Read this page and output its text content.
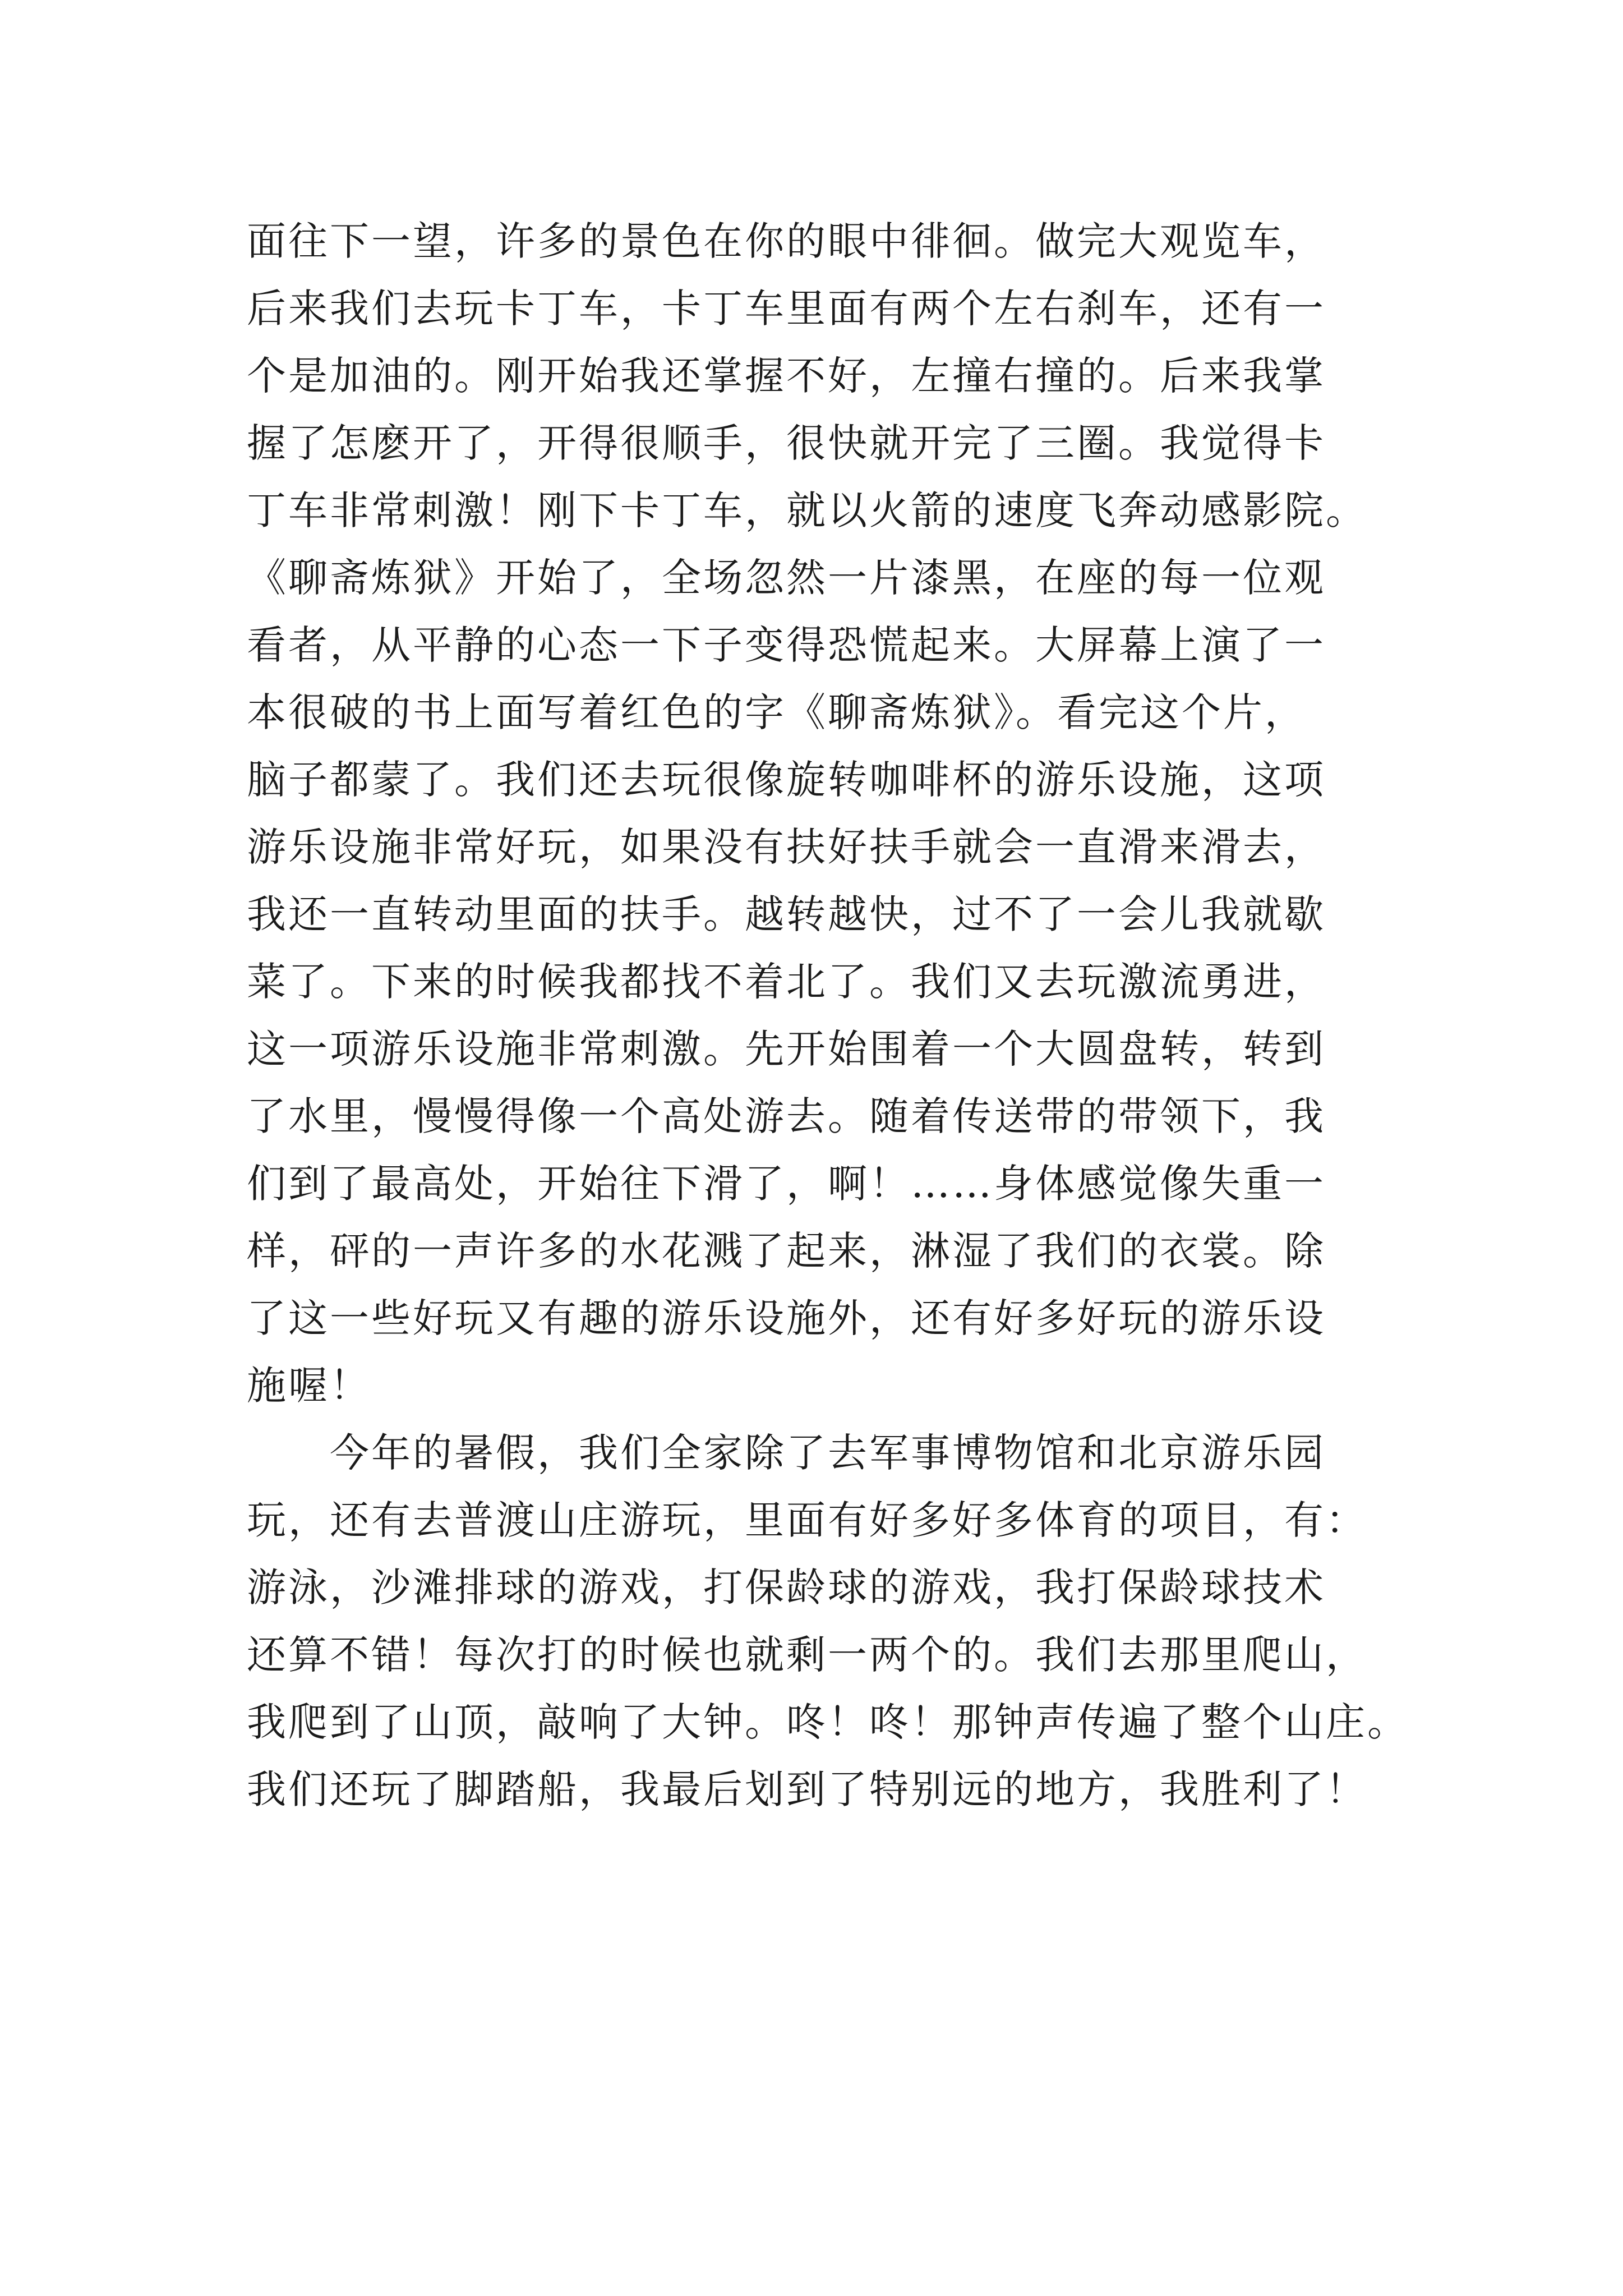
面往下一望，许多的景色在你的眼中徘徊。做完大观览车，
后来我们去玩卡丁车，卡丁车里面有两个左右刹车，还有一
个是加油的。刚开始我还掌握不好，左撞右撞的。后来我掌
握了怎麽开了，开得很顺手，很快就开完了三圈。我觉得卡
丁车非常刺激！刚下卡丁车，就以火箭的速度飞奔动感影院。
《聊斋炼狱》开始了，全场忽然一片漆黑，在座的每一位观
看者，从平静的心态一下子变得恐慌起来。大屏幕上演了一
本很破的书上面写着红色的字《聊斋炼狱》。看完这个片，
脑子都蒙了。我们还去玩很像旋转咖啡杯的游乐设施，这项
游乐设施非常好玩，如果没有扶好扶手就会一直滑来滑去，
我还一直转动里面的扶手。越转越快，过不了一会儿我就歇
菜了。下来的时候我都找不着北了。我们又去玩激流勇进，
这一项游乐设施非常刺激。先开始围着一个大圆盘转，转到
了水里，慢慢得像一个高处游去。随着传送带的带领下，我
们到了最高处，开始往下滑了，啊！……身体感觉像失重一
样，砰的一声许多的水花溅了起来，淋湿了我们的衣裳。除
了这一些好玩又有趣的游乐设施外，还有好多好玩的游乐设
施喔！
今年的暑假，我们全家除了去军事博物馆和北京游乐园
玩，还有去普渡山庄游玩，里面有好多好多体育的项目，有：
游泳，沙滩排球的游戏，打保龄球的游戏，我打保龄球技术
还算不错！每次打的时候也就剩一两个的。我们去那里爬山，
我爬到了山顶，敲响了大钟。咚！咚！那钟声传遍了整个山庄。
我们还玩了脚踏船，我最后划到了特别远的地方，我胜利了！
